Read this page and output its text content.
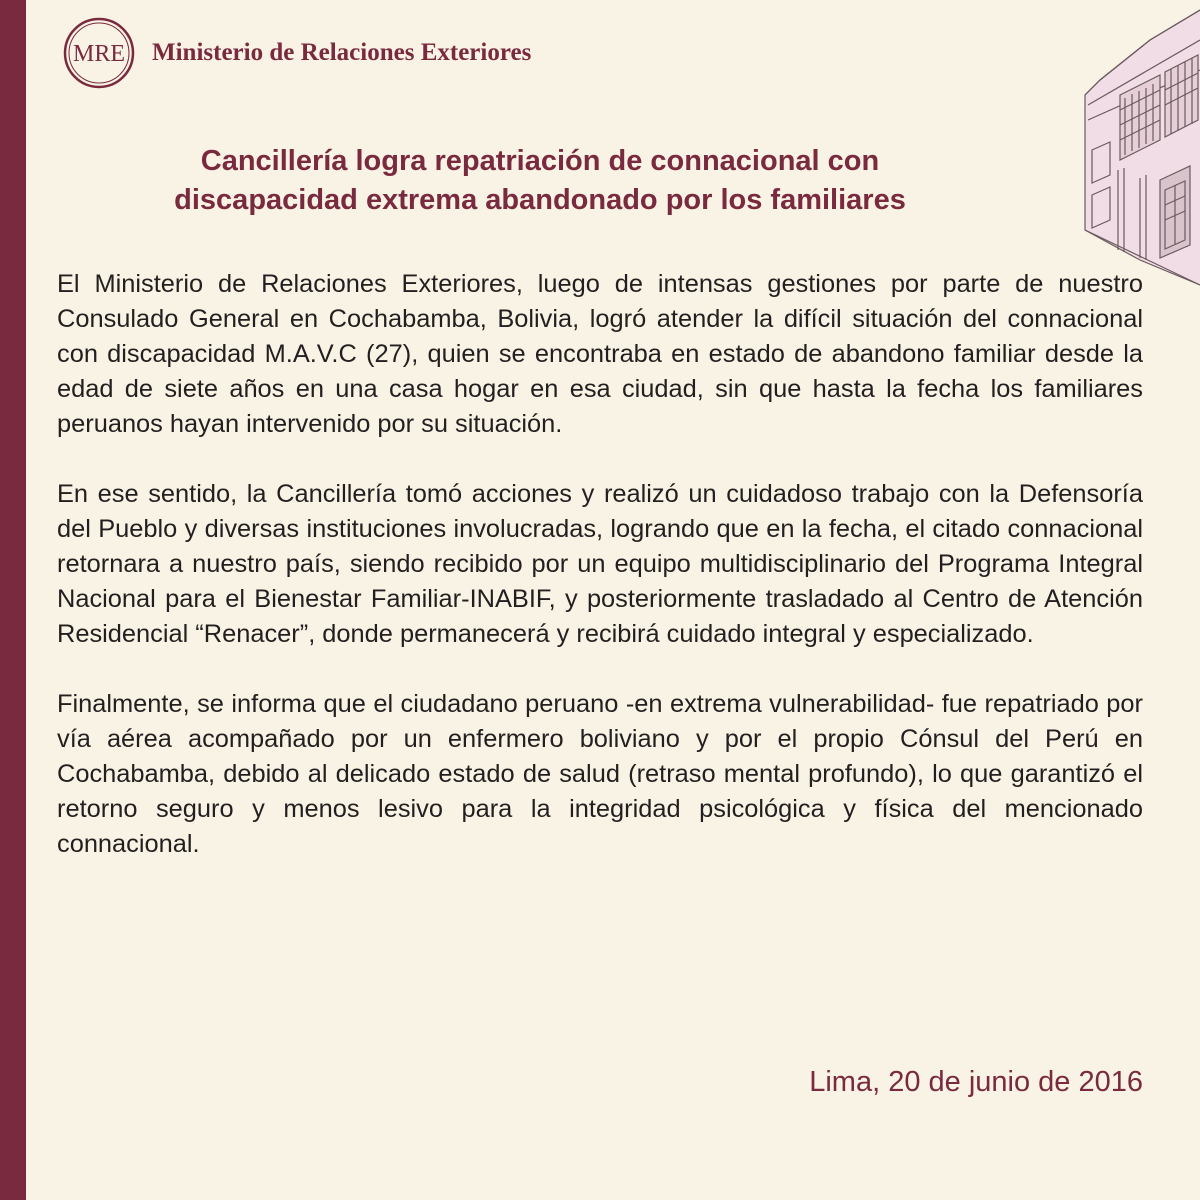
MRE Ministerio de Relaciones Exteriores
Cancillería logra repatriación de connacional con
discapacidad extrema abandonado por los familiares

El Ministerio de Relaciones Exteriores, luego de intensas gestiones por parte de nuestro Consulado General en Cochabamba, Bolivia, logró atender la difícil situación del connacional con discapacidad M.A.V.C (27), quien se encontraba en estado de abandono familiar desde la edad de siete años en una casa hogar en esa ciudad, sin que hasta la fecha los familiares peruanos hayan intervenido por su situación.

En ese sentido, la Cancillería tomó acciones y realizó un cuidadoso trabajo con la Defensoría del Pueblo y diversas instituciones involucradas, logrando que en la fecha, el citado connacional retornara a nuestro país, siendo recibido por un equipo multidisciplinario del Programa Integral Nacional para el Bienestar Familiar-INABIF, y posteriormente trasladado al Centro de Atención Residencial “Renacer”, donde permanecerá y recibirá cuidado integral y especializado.

Finalmente, se informa que el ciudadano peruano -en extrema vulnerabilidad- fue repatriado por vía aérea acompañado por un enfermero boliviano y por el propio Cónsul del Perú en Cochabamba, debido al delicado estado de salud (retraso mental profundo), lo que garantizó el retorno seguro y menos lesivo para la integridad psicológica y física del mencionado connacional.

Lima, 20 de junio de 2016
